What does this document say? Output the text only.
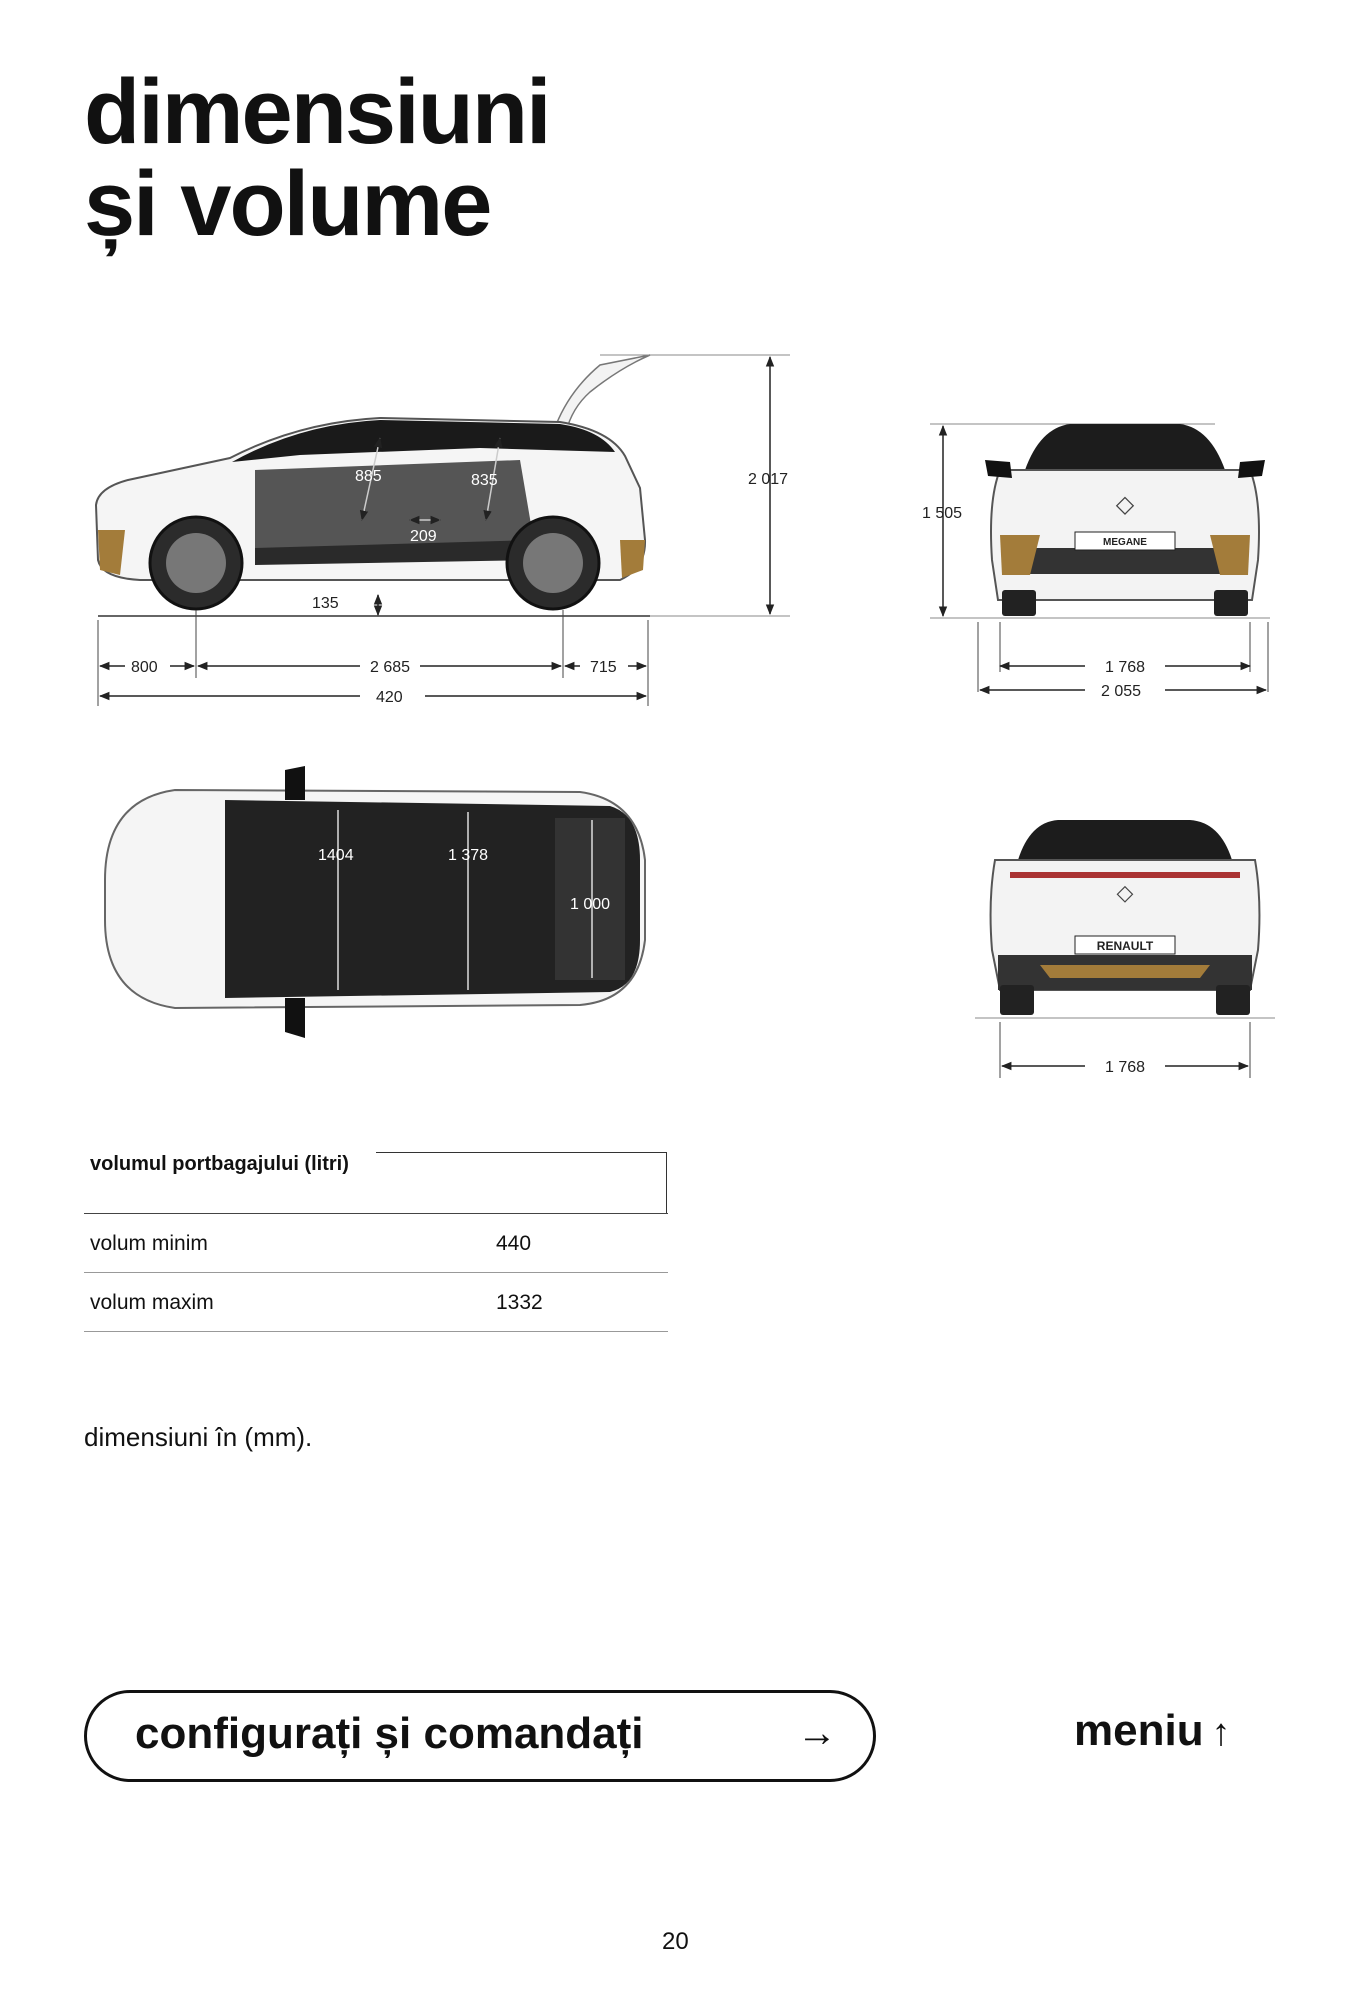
dimensiuni
și volume
885	835
209
135
2 017
800	2 685	715
420
1 505
MEGANE
◇
1 768
2 055
1404	1 378
1 000
RENAULT
◇
1 768
volumul portbagajului (litri)
volum minim	440
volum maxim	1332
dimensiuni în (mm).
configurați și comandați	→	meniu ↑
20
